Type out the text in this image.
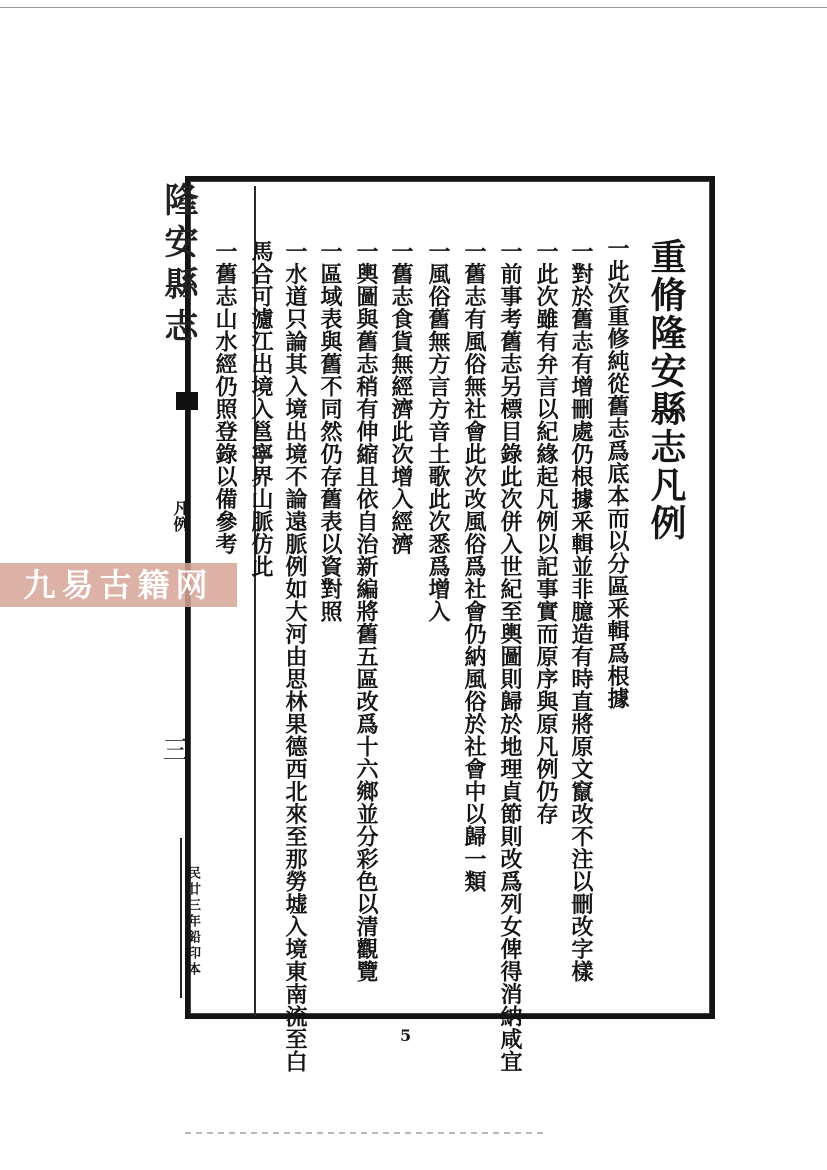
重脩隆安縣志凡例
一此次重修純從舊志爲底本而以分區釆輯爲根據
一對於舊志有增刪處仍根據釆輯並非臆造有時直將原文竄改不注以刪改字樣
一此次雖有弁言以紀緣起凡例以記事實而原序與原凡例仍存
一前事考舊志另標目錄此次併入世紀至輿圖則歸於地理貞節則改爲列女俾得消納咸宜
一舊志有風俗無社會此次改風俗爲社會仍納風俗於社會中以歸一類
一風俗舊無方言方音土歌此次悉爲增入
一舊志食貨無經濟此次增入經濟
一輿圖與舊志稍有伸縮且依自治新編將舊五區改爲十六鄉並分彩色以清觀覽
一區域表與舊不同然仍存舊表以資對照
一水道只論其入境出境不論遠脈例如大河由思林果德西北來至那勞墟入境東南流至白
馬合可濾江出境入邕寧界山脈仿此
一舊志山水經仍照登錄以備參考
隆安縣志
凡例
三
民廿三年鉛印本
5
九易古籍网
